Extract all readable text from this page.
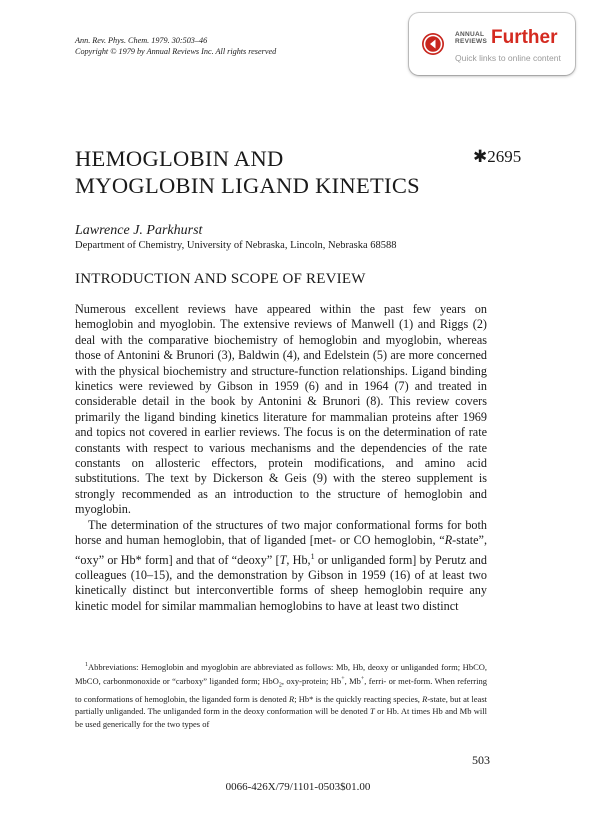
Ann. Rev. Phys. Chem. 1979. 30:503–46
Copyright © 1979 by Annual Reviews Inc. All rights reserved
ANNUAL
REVIEWS Further
Quick links to online content
HEMOGLOBIN AND
MYOGLOBIN LIGAND KINETICS
✱2695
Lawrence J. Parkhurst
Department of Chemistry, University of Nebraska, Lincoln, Nebraska 68588
INTRODUCTION AND SCOPE OF REVIEW

Numerous excellent reviews have appeared within the past few years on hemoglobin and myoglobin. The extensive reviews of Manwell (1) and Riggs (2) deal with the comparative biochemistry of hemoglobin and myoglobin, whereas those of Antonini & Brunori (3), Baldwin (4), and Edelstein (5) are more concerned with the physical biochemistry and structure-function relationships. Ligand binding kinetics were reviewed by Gibson in 1959 (6) and in 1964 (7) and treated in considerable detail in the book by Antonini & Brunori (8). This review covers primarily the ligand binding kinetics literature for mammalian proteins after 1969 and topics not covered in earlier reviews. The focus is on the determination of rate constants with respect to various mechanisms and the dependencies of the rate constants on allosteric effectors, protein modifications, and amino acid substitutions. The text by Dickerson & Geis (9) with the stereo supplement is strongly recommended as an introduction to the structure of hemoglobin and myoglobin.

The determination of the structures of two major conformational forms for both horse and human hemoglobin, that of liganded [met- or CO hemoglobin, “R-state”, “oxy” or Hb* form] and that of “deoxy” [T, Hb,$^1$ or unliganded form] by Perutz and colleagues (10–15), and the demonstration by Gibson in 1959 (16) of at least two kinetically distinct but interconvertible forms of sheep hemoglobin require any kinetic model for similar mammalian hemoglobins to have at least two distinct

$^1$Abbreviations: Hemoglobin and myoglobin are abbreviated as follows: Mb, Hb, deoxy or unliganded form; HbCO, MbCO, carbonmonoxide or “carboxy” liganded form; HbO$_2$, oxy-protein; Hb+, Mb+, ferri- or met-form. When referring to conformations of hemoglobin, the liganded form is denoted R; Hb* is the quickly reacting species, R-state, but at least partially unliganded. The unliganded form in the deoxy conformation will be denoted T or Hb. At times Hb and Mb will be used generically for the two types of
503
0066-426X/79/1101-0503$01.00
